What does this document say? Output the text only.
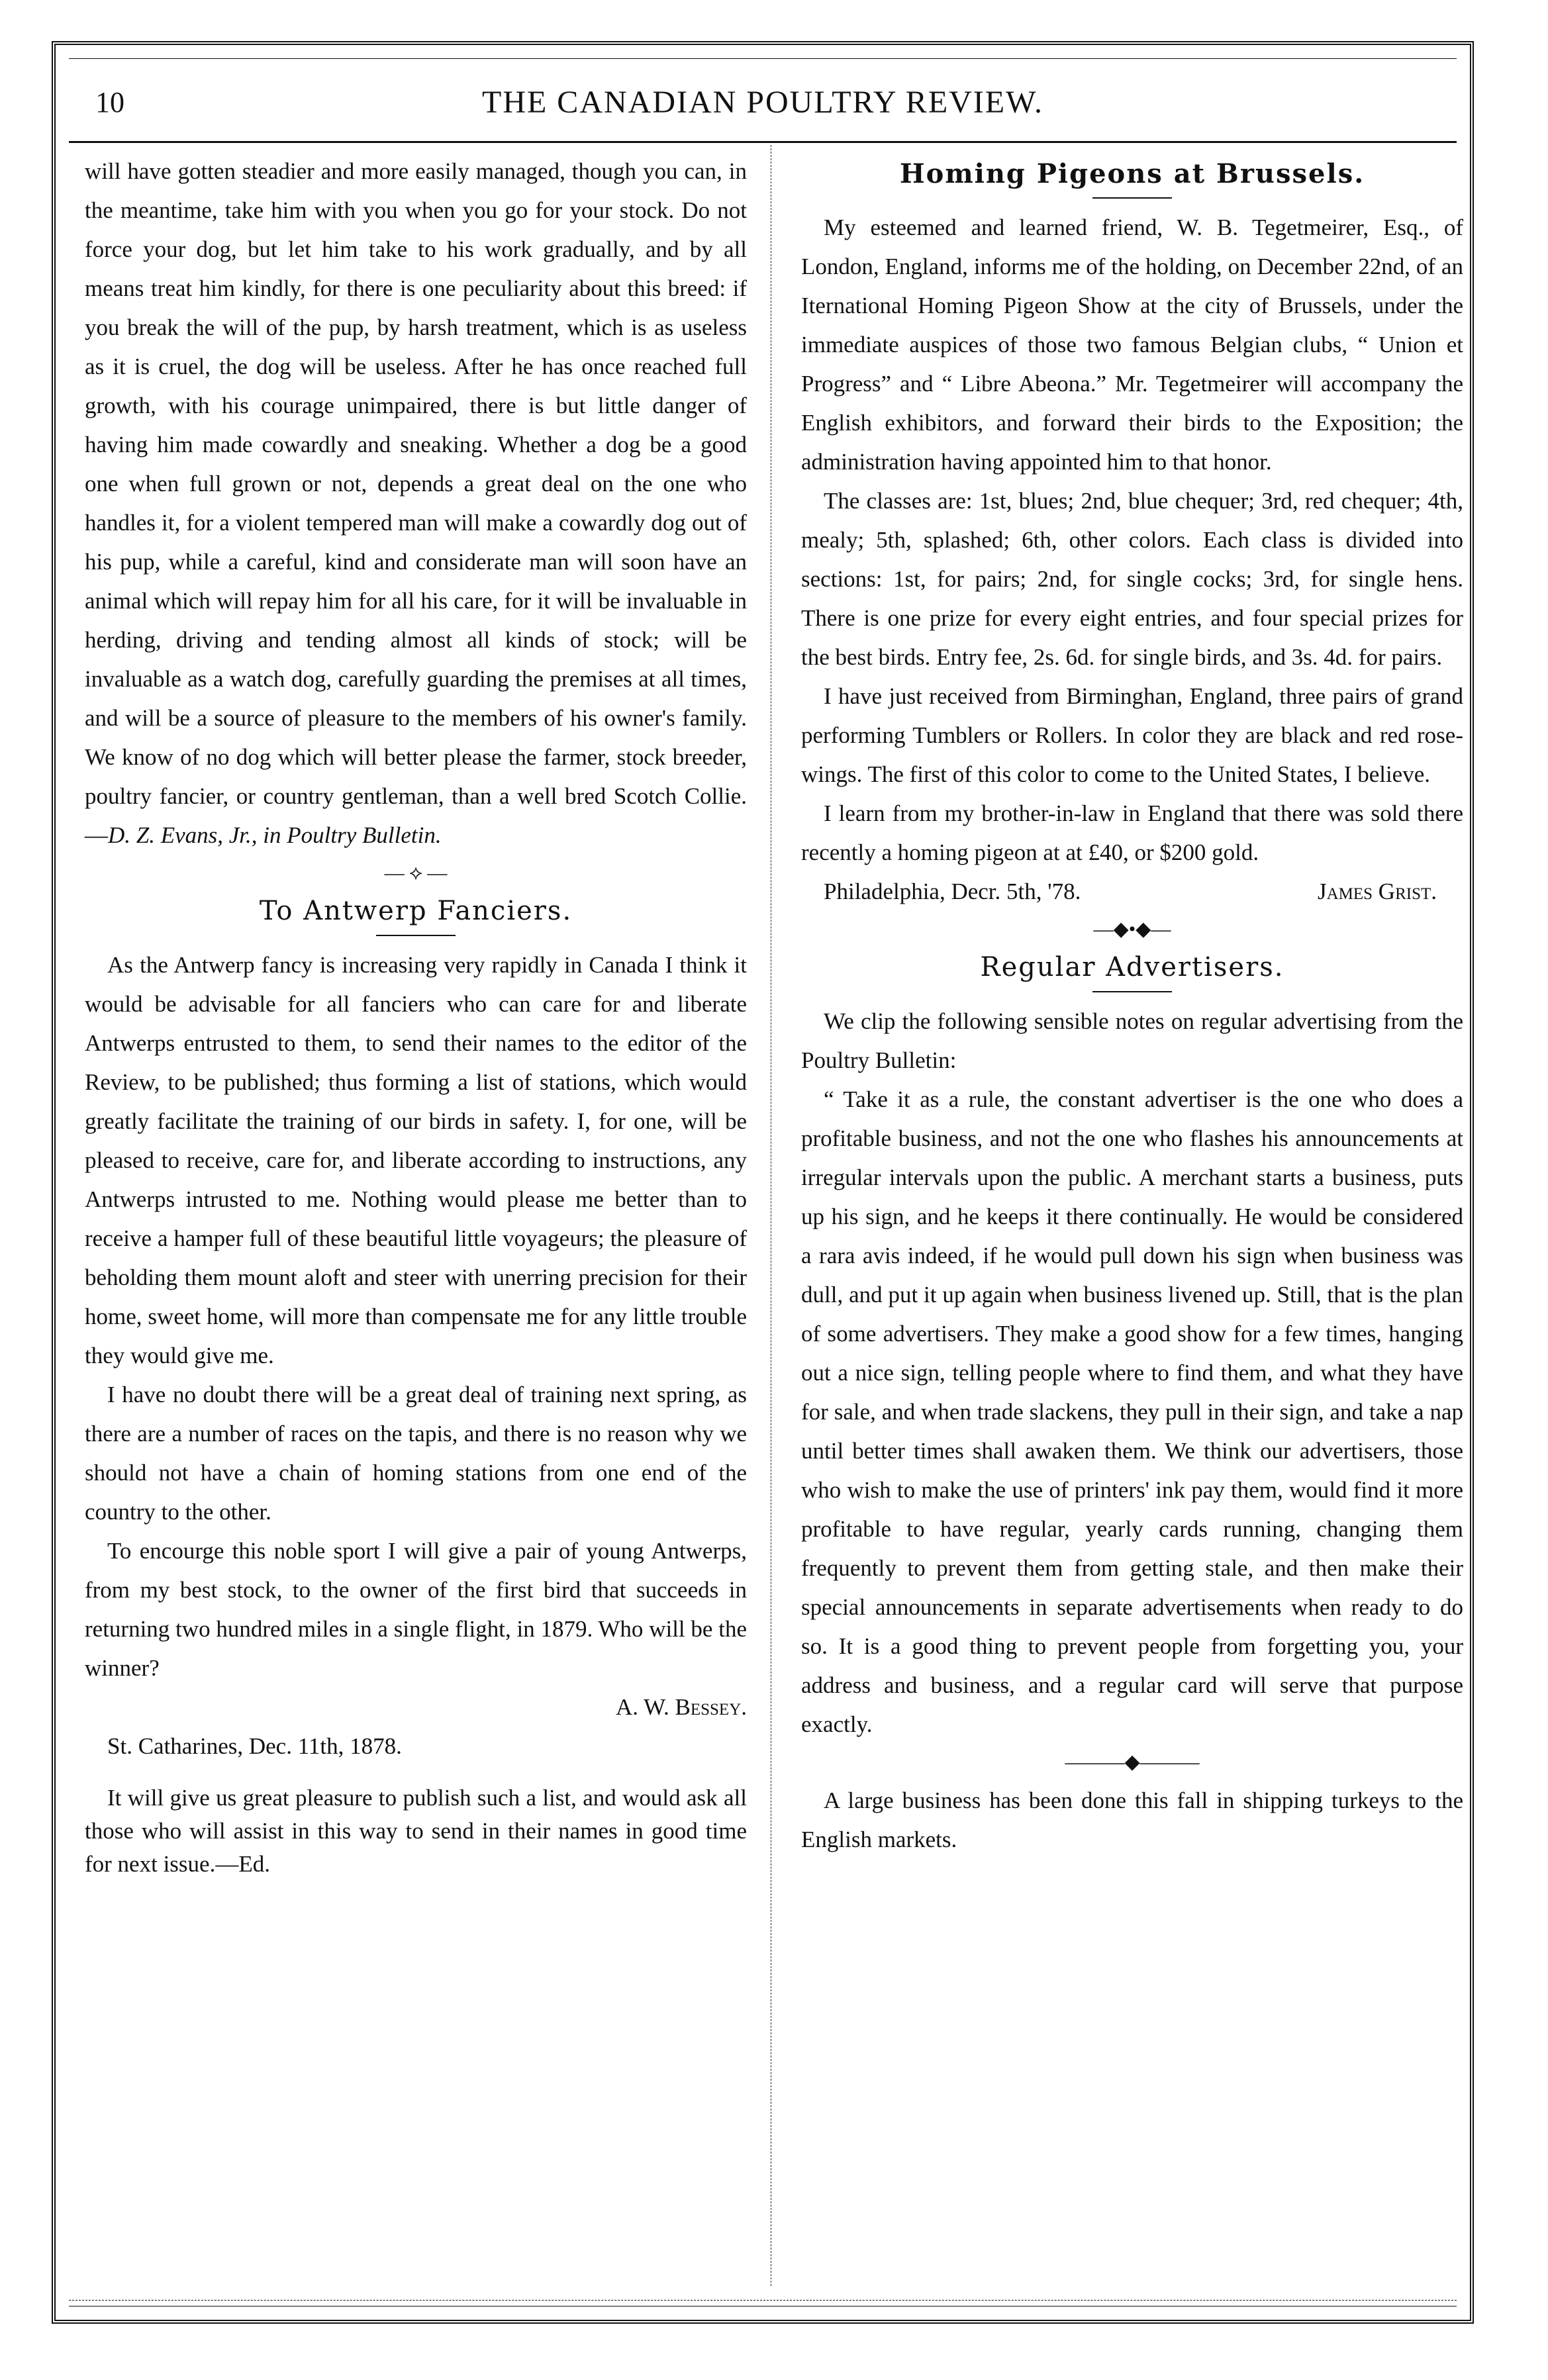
10	THE CANADIAN POULTRY REVIEW.

will have gotten steadier and more easily managed, though you can, in the meantime, take him with you when you go for your stock. Do not force your dog, but let him take to his work gradually, and by all means treat him kindly, for there is one peculiarity about this breed: if you break the will of the pup, by harsh treatment, which is as useless as it is cruel, the dog will be useless. After he has once reached full growth, with his courage unimpaired, there is but little danger of having him made cowardly and sneaking. Whether a dog be a good one when full grown or not, depends a great deal on the one who handles it, for a violent tempered man will make a cowardly dog out of his pup, while a careful, kind and considerate man will soon have an animal which will repay him for all his care, for it will be invaluable in herding, driving and tending almost all kinds of stock; will be invaluable as a watch dog, carefully guarding the premises at all times, and will be a source of pleasure to the members of his owner's family. We know of no dog which will better please the farmer, stock breeder, poultry fancier, or country gentleman, than a well bred Scotch Collie.—D. Z. Evans, Jr., in Poultry Bulletin.

— ⟡ —
To Antwerp Fanciers.

As the Antwerp fancy is increasing very rapidly in Canada I think it would be advisable for all fanciers who can care for and liberate Antwerps entrusted to them, to send their names to the editor of the Review, to be published; thus forming a list of stations, which would greatly facilitate the training of our birds in safety. I, for one, will be pleased to receive, care for, and liberate according to instructions, any Antwerps intrusted to me. Nothing would please me better than to receive a hamper full of these beautiful little voyageurs; the pleasure of beholding them mount aloft and steer with unerring precision for their home, sweet home, will more than compensate me for any little trouble they would give me.

I have no doubt there will be a great deal of training next spring, as there are a number of races on the tapis, and there is no reason why we should not have a chain of homing stations from one end of the country to the other.

To encourge this noble sport I will give a pair of young Antwerps, from my best stock, to the owner of the first bird that succeeds in returning two hundred miles in a single flight, in 1879. Who will be the winner?

A. W. Bessey.

St. Catharines, Dec. 11th, 1878.

It will give us great pleasure to publish such a list, and would ask all those who will assist in this way to send in their names in good time for next issue.—Ed.

Homing Pigeons at Brussels.

My esteemed and learned friend, W. B. Tegetmeirer, Esq., of London, England, informs me of the holding, on December 22nd, of an Iternational Homing Pigeon Show at the city of Brussels, under the immediate auspices of those two famous Belgian clubs, “ Union et Progress” and “ Libre Abeona.” Mr. Tegetmeirer will accompany the English exhibitors, and forward their birds to the Exposition; the administration having appointed him to that honor.

The classes are: 1st, blues; 2nd, blue chequer; 3rd, red chequer; 4th, mealy; 5th, splashed; 6th, other colors. Each class is divided into sections: 1st, for pairs; 2nd, for single cocks; 3rd, for single hens. There is one prize for every eight entries, and four special prizes for the best birds. Entry fee, 2s. 6d. for single birds, and 3s. 4d. for pairs.

I have just received from Birminghan, England, three pairs of grand performing Tumblers or Rollers. In color they are black and red rose-wings. The first of this color to come to the United States, I believe.

I learn from my brother-in-law in England that there was sold there recently a homing pigeon at at £40, or $200 gold.

Philadelphia, Decr. 5th, '78.	James Grist.
—◆•◆—
Regular Advertisers.

We clip the following sensible notes on regular advertising from the Poultry Bulletin:

“ Take it as a rule, the constant advertiser is the one who does a profitable business, and not the one who flashes his announcements at irregular intervals upon the public. A merchant starts a business, puts up his sign, and he keeps it there continually. He would be considered a rara avis indeed, if he would pull down his sign when business was dull, and put it up again when business livened up. Still, that is the plan of some advertisers. They make a good show for a few times, hanging out a nice sign, telling people where to find them, and what they have for sale, and when trade slackens, they pull in their sign, and take a nap until better times shall awaken them. We think our advertisers, those who wish to make the use of printers' ink pay them, would find it more profitable to have regular, yearly cards running, changing them frequently to prevent them from getting stale, and then make their special announcements in separate advertisements when ready to do so. It is a good thing to prevent people from forgetting you, your address and business, and a regular card will serve that purpose exactly.

———◆———

A large business has been done this fall in shipping turkeys to the English markets.
